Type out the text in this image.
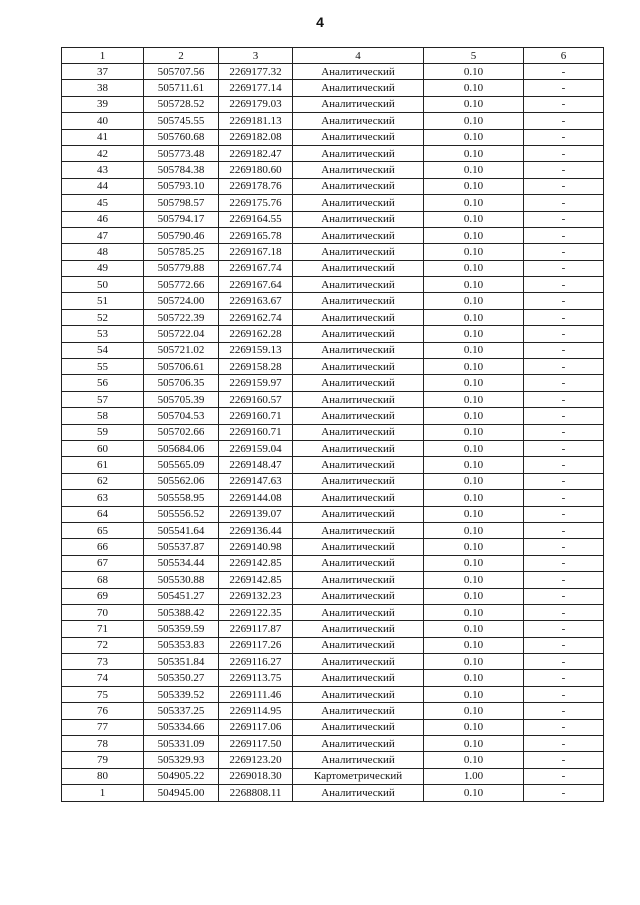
4
1	2	3	4	5	6
37	505707.56	2269177.32	Аналитический	0.10	-
38	505711.61	2269177.14	Аналитический	0.10	-
39	505728.52	2269179.03	Аналитический	0.10	-
40	505745.55	2269181.13	Аналитический	0.10	-
41	505760.68	2269182.08	Аналитический	0.10	-
42	505773.48	2269182.47	Аналитический	0.10	-
43	505784.38	2269180.60	Аналитический	0.10	-
44	505793.10	2269178.76	Аналитический	0.10	-
45	505798.57	2269175.76	Аналитический	0.10	-
46	505794.17	2269164.55	Аналитический	0.10	-
47	505790.46	2269165.78	Аналитический	0.10	-
48	505785.25	2269167.18	Аналитический	0.10	-
49	505779.88	2269167.74	Аналитический	0.10	-
50	505772.66	2269167.64	Аналитический	0.10	-
51	505724.00	2269163.67	Аналитический	0.10	-
52	505722.39	2269162.74	Аналитический	0.10	-
53	505722.04	2269162.28	Аналитический	0.10	-
54	505721.02	2269159.13	Аналитический	0.10	-
55	505706.61	2269158.28	Аналитический	0.10	-
56	505706.35	2269159.97	Аналитический	0.10	-
57	505705.39	2269160.57	Аналитический	0.10	-
58	505704.53	2269160.71	Аналитический	0.10	-
59	505702.66	2269160.71	Аналитический	0.10	-
60	505684.06	2269159.04	Аналитический	0.10	-
61	505565.09	2269148.47	Аналитический	0.10	-
62	505562.06	2269147.63	Аналитический	0.10	-
63	505558.95	2269144.08	Аналитический	0.10	-
64	505556.52	2269139.07	Аналитический	0.10	-
65	505541.64	2269136.44	Аналитический	0.10	-
66	505537.87	2269140.98	Аналитический	0.10	-
67	505534.44	2269142.85	Аналитический	0.10	-
68	505530.88	2269142.85	Аналитический	0.10	-
69	505451.27	2269132.23	Аналитический	0.10	-
70	505388.42	2269122.35	Аналитический	0.10	-
71	505359.59	2269117.87	Аналитический	0.10	-
72	505353.83	2269117.26	Аналитический	0.10	-
73	505351.84	2269116.27	Аналитический	0.10	-
74	505350.27	2269113.75	Аналитический	0.10	-
75	505339.52	2269111.46	Аналитический	0.10	-
76	505337.25	2269114.95	Аналитический	0.10	-
77	505334.66	2269117.06	Аналитический	0.10	-
78	505331.09	2269117.50	Аналитический	0.10	-
79	505329.93	2269123.20	Аналитический	0.10	-
80	504905.22	2269018.30	Картометрический	1.00	-
1	504945.00	2268808.11	Аналитический	0.10	-
